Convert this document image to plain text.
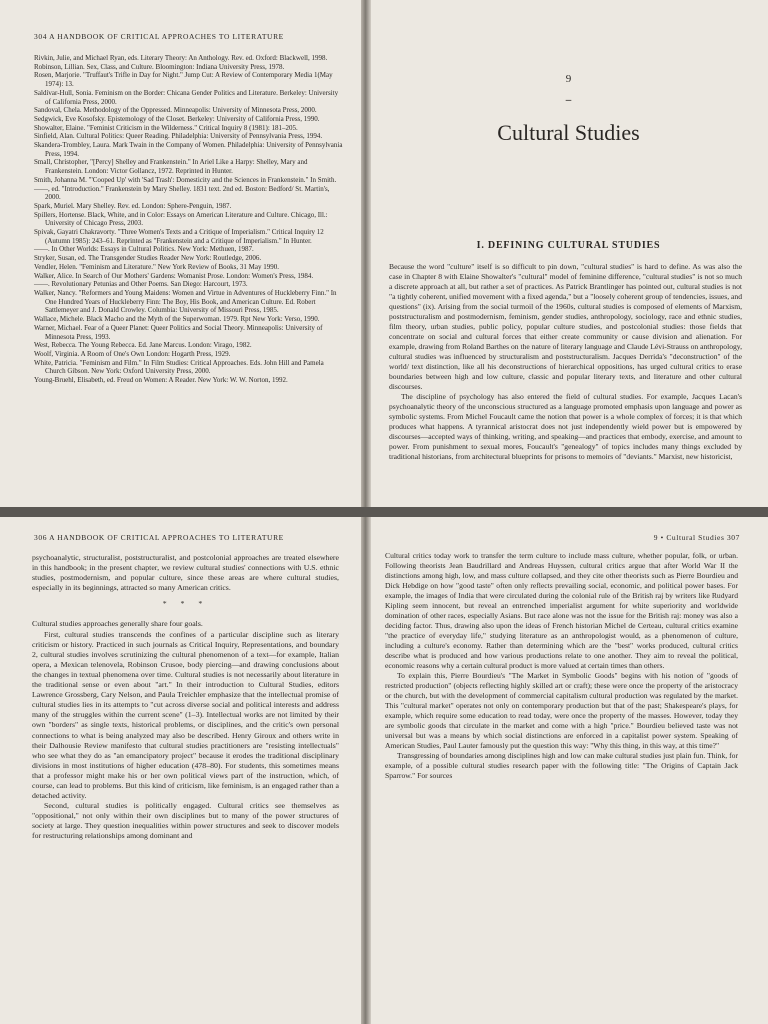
304 A HANDBOOK OF CRITICAL APPROACHES TO LITERATURE

Rivkin, Julie, and Michael Ryan, eds. Literary Theory: An Anthology. Rev. ed. Oxford: Blackwell, 1998.

Robinson, Lillian. Sex, Class, and Culture. Bloomington: Indiana University Press, 1978.

Rosen, Marjorie. "Truffaut's Trifle in Day for Night." Jump Cut: A Review of Contemporary Media 1(May 1974): 13.

Saldívar-Hull, Sonia. Feminism on the Border: Chicana Gender Politics and Literature. Berkeley: University of California Press, 2000.

Sandoval, Chela. Methodology of the Oppressed. Minneapolis: University of Minnesota Press, 2000.

Sedgwick, Eve Kosofsky. Epistemology of the Closet. Berkeley: University of California Press, 1990.

Showalter, Elaine. "Feminist Criticism in the Wilderness." Critical Inquiry 8 (1981): 181–205.

Sinfield, Alan. Cultural Politics: Queer Reading. Philadelphia: University of Pennsylvania Press, 1994.

Skandera-Trombley, Laura. Mark Twain in the Company of Women. Philadelphia: University of Pennsylvania Press, 1994.

Small, Christopher, "[Percy] Shelley and Frankenstein." In Ariel Like a Harpy: Shelley, Mary and Frankenstein. London: Victor Gollancz, 1972. Reprinted in Hunter.

Smith, Johanna M. "'Cooped Up' with 'Sad Trash': Domesticity and the Sciences in Frankenstein." In Smith.

——, ed. "Introduction." Frankenstein by Mary Shelley. 1831 text. 2nd ed. Boston: Bedford/ St. Martin's, 2000.

Spark, Muriel. Mary Shelley. Rev. ed. London: Sphere-Penguin, 1987.

Spillers, Hortense. Black, White, and in Color: Essays on American Literature and Culture. Chicago, Ill.: University of Chicago Press, 2003.

Spivak, Gayatri Chakravorty. "Three Women's Texts and a Critique of Imperialism." Critical Inquiry 12 (Autumn 1985): 243–61. Reprinted as "Frankenstein and a Critique of Imperialism." In Hunter.

——. In Other Worlds: Essays in Cultural Politics. New York: Methuen, 1987.

Stryker, Susan, ed. The Transgender Studies Reader New York: Routledge, 2006.

Vendler, Helen. "Feminism and Literature." New York Review of Books, 31 May 1990.

Walker, Alice. In Search of Our Mothers' Gardens: Womanist Prose. London: Women's Press, 1984.

——. Revolutionary Petunias and Other Poems. San Diego: Harcourt, 1973.

Walker, Nancy. "Reformers and Young Maidens: Women and Virtue in Adventures of Huckleberry Finn." In One Hundred Years of Huckleberry Finn: The Boy, His Book, and American Culture. Ed. Robert Sattlemeyer and J. Donald Crowley. Columbia: University of Missouri Press, 1985.

Wallace, Michele. Black Macho and the Myth of the Superwoman. 1979. Rpt New York: Verso, 1990.

Warner, Michael. Fear of a Queer Planet: Queer Politics and Social Theory. Minneapolis: University of Minnesota Press, 1993.

West, Rebecca. The Young Rebecca. Ed. Jane Marcus. London: Virago, 1982.

Woolf, Virginia. A Room of One's Own London: Hogarth Press, 1929.

White, Patricia. "Feminism and Film." In Film Studies: Critical Approaches. Eds. John Hill and Pamela Church Gibson. New York: Oxford University Press, 2000.

Young-Bruehl, Elisabeth, ed. Freud on Women: A Reader. New York: W. W. Norton, 1992.

9
–
Cultural Studies
I. DEFINING CULTURAL STUDIES

Because the word "culture" itself is so difficult to pin down, "cultural studies" is hard to define. As was also the case in Chapter 8 with Elaine Showalter's "cultural" model of feminine difference, "cultural studies" is not so much a discrete approach at all, but rather a set of practices. As Patrick Brantlinger has pointed out, cultural studies is not "a tightly coherent, unified movement with a fixed agenda," but a "loosely coherent group of tendencies, issues, and questions" (ix). Arising from the social turmoil of the 1960s, cultural studies is composed of elements of Marxism, poststructuralism and postmodernism, feminism, gender studies, anthropology, sociology, race and ethnic studies, film theory, urban studies, public policy, popular culture studies, and postcolonial studies: those fields that concentrate on social and cultural forces that either create community or cause division and alienation. For example, drawing from Roland Barthes on the nature of literary language and Claude Lévi-Strauss on anthropology, cultural studies was influenced by structuralism and poststructuralism. Jacques Derrida's "deconstruction" of the world/ text distinction, like all his deconstructions of hierarchical oppositions, has urged cultural critics to erase boundaries between high and low culture, classic and popular literary texts, and literature and other cultural discourses.

The discipline of psychology has also entered the field of cultural studies. For example, Jacques Lacan's psychoanalytic theory of the unconscious structured as a language promoted emphasis upon language and power as symbolic systems. From Michel Foucault came the notion that power is a whole complex of forces; it is that which produces what happens. A tyrannical aristocrat does not just independently wield power but is empowered by discourses—accepted ways of thinking, writing, and speaking—and practices that embody, exercise, and amount to power. From punishment to sexual mores, Foucault's "genealogy" of topics includes many things excluded by traditional historians, from architectural blueprints for prisons to memoirs of "deviants." Marxist, new historicist,

306 A HANDBOOK OF CRITICAL APPROACHES TO LITERATURE

psychoanalytic, structuralist, poststructuralist, and postcolonial approaches are treated elsewhere in this handbook; in the present chapter, we review cultural studies' connections with U.S. ethnic studies, postmodernism, and popular culture, since these areas are where cultural studies, especially in its beginnings, attracted so many American critics.

* * *

Cultural studies approaches generally share four goals.

First, cultural studies transcends the confines of a particular discipline such as literary criticism or history. Practiced in such journals as Critical Inquiry, Representations, and boundary 2, cultural studies involves scrutinizing the cultural phenomenon of a text—for example, Italian opera, a Mexican telenovela, Robinson Crusoe, body piercing—and drawing conclusions about the changes in textual phenomena over time. Cultural studies is not necessarily about literature in the traditional sense or even about "art." In their introduction to Cultural Studies, editors Lawrence Grossberg, Cary Nelson, and Paula Treichler emphasize that the intellectual promise of cultural studies lies in its attempts to "cut across diverse social and political interests and address many of the struggles within the current scene" (1–3). Intellectual works are not limited by their own "borders" as single texts, historical problems, or disciplines, and the critic's own personal connections to what is being analyzed may also be described. Henry Giroux and others write in their Dalhousie Review manifesto that cultural studies practitioners are "resisting intellectuals" who see what they do as "an emancipatory project" because it erodes the traditional disciplinary divisions in most institutions of higher education (478–80). For students, this sometimes means that a professor might make his or her own political views part of the instruction, which, of course, can lead to problems. But this kind of criticism, like feminism, is an engaged rather than a detached activity.

Second, cultural studies is politically engaged. Cultural critics see themselves as "oppositional," not only within their own disciplines but to many of the power structures of society at large. They question inequalities within power structures and seek to discover models for restructuring relationships among dominant and

9 • Cultural Studies 307

Cultural critics today work to transfer the term culture to include mass culture, whether popular, folk, or urban. Following theorists Jean Baudrillard and Andreas Huyssen, cultural critics argue that after World War II the distinctions among high, low, and mass culture collapsed, and they cite other theorists such as Pierre Bourdieu and Dick Hebdige on how "good taste" often only reflects prevailing social, economic, and political power bases. For example, the images of India that were circulated during the colonial rule of the British raj by writers like Rudyard Kipling seem innocent, but reveal an entrenched imperialist argument for white superiority and worldwide domination of other races, especially Asians. But race alone was not the issue for the British raj: money was also a deciding factor. Thus, drawing also upon the ideas of French historian Michel de Certeau, cultural critics examine "the practice of everyday life," studying literature as an anthropologist would, as a phenomenon of culture, including a culture's economy. Rather than determining which are the "best" works produced, cultural critics describe what is produced and how various productions relate to one another. They aim to reveal the political, economic reasons why a certain cultural product is more valued at certain times than others.

To explain this, Pierre Bourdieu's "The Market in Symbolic Goods" begins with his notion of "goods of restricted production" (objects reflecting highly skilled art or craft); these were once the property of the aristocracy or the church, but with the development of commercial capitalism cultural production was regulated by the market. This "cultural market" operates not only on contemporary production but that of the past; Shakespeare's plays, for example, which require some education to read today, were once the property of the masses. However, today they are symbolic goods that circulate in the market and come with a high "price." Bourdieu believed taste was not universal but was a means by which social distinctions are enforced in a capitalist power system. Speaking of American Studies, Paul Lauter famously put the question this way: "Why this thing, in this way, at this time?"

Transgressing of boundaries among disciplines high and low can make cultural studies just plain fun. Think, for example, of a possible cultural studies research paper with the following title: "The Origins of Captain Jack Sparrow." For sources
